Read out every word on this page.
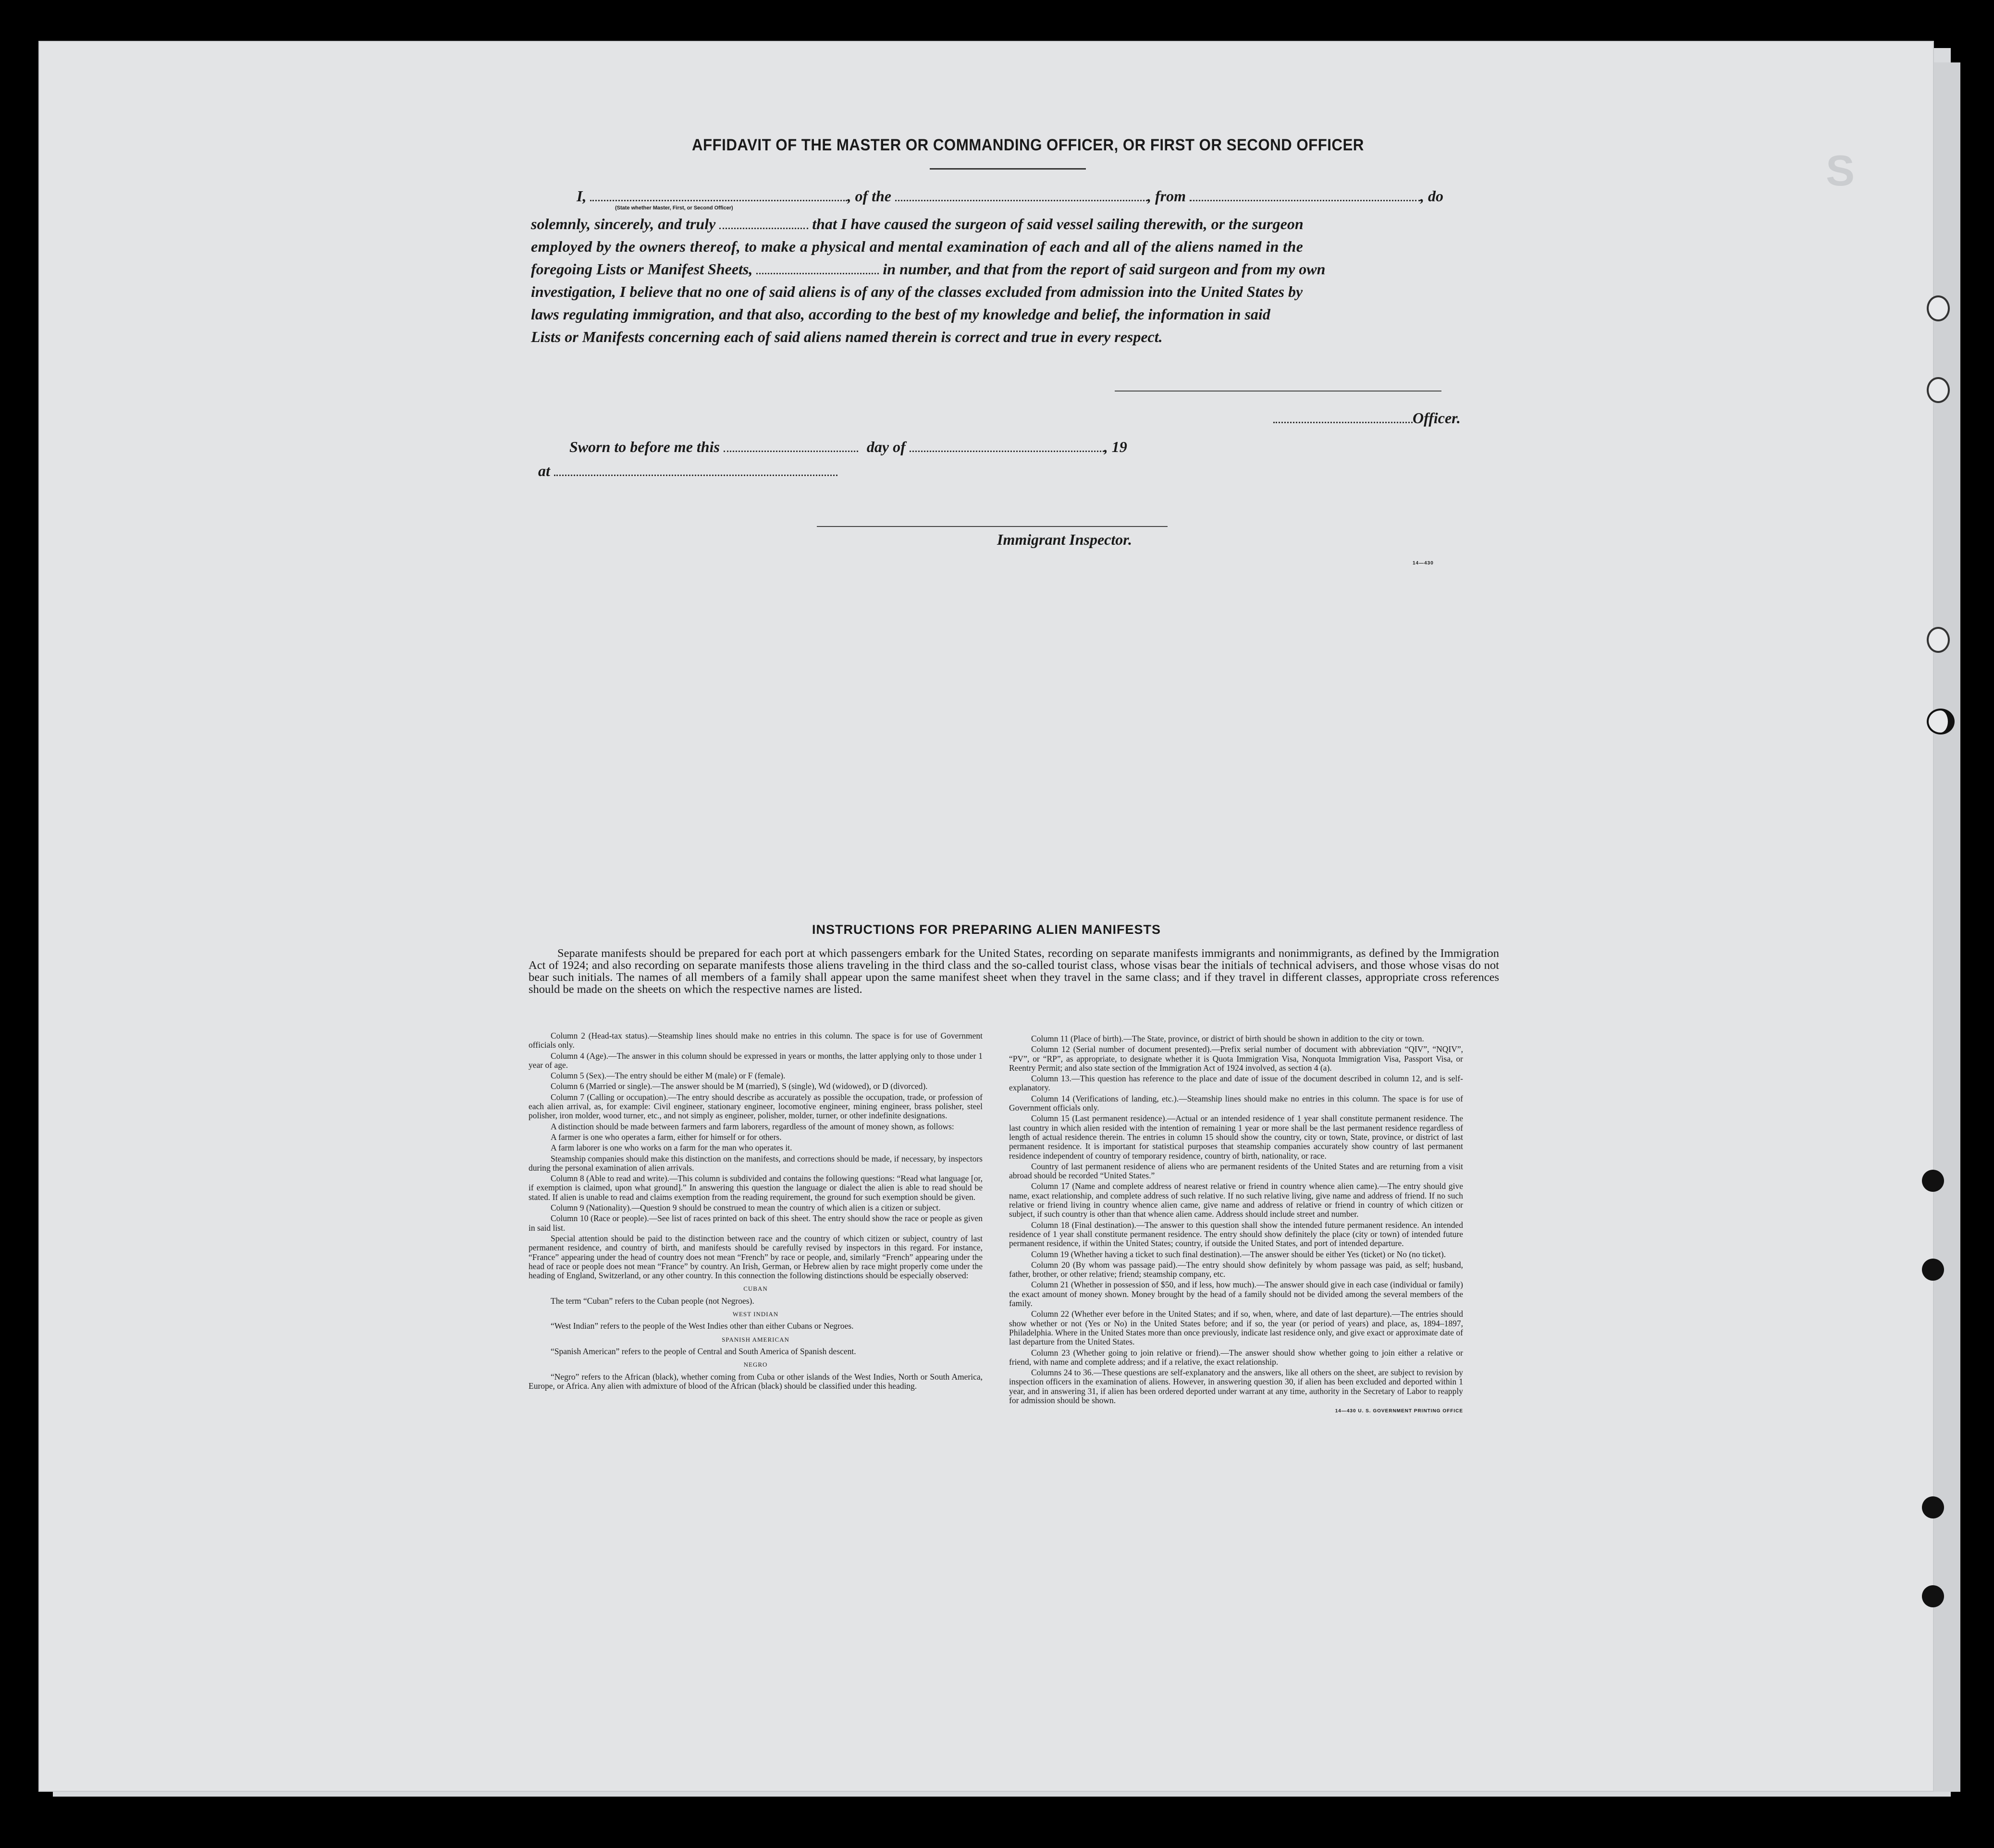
S
AFFIDAVIT OF THE MASTER OR COMMANDING OFFICER, OR FIRST OR SECOND OFFICER
I,	, of the	, from	, do
(State whether Master, First, or Second Officer)
solemnly, sincerely, and truly	that I have caused the surgeon of said vessel sailing therewith, or the surgeon
employed by the owners thereof, to make a physical and mental examination of each and all of the aliens named in the
foregoing Lists or Manifest Sheets,	in number, and that from the report of said surgeon and from my own
investigation, I believe that no one of said aliens is of any of the classes excluded from admission into the United States by
laws regulating immigration, and that also, according to the best of my knowledge and belief, the information in said
Lists or Manifests concerning each of said aliens named therein is correct and true in every respect.
Officer.
Sworn to before me this	day of	, 19
at
Immigrant Inspector.
14—430
INSTRUCTIONS FOR PREPARING ALIEN MANIFESTS
Separate manifests should be prepared for each port at which passengers embark for the United States, recording on separate manifests immigrants and nonimmigrants, as defined by the Immigration Act of 1924; and also recording on separate manifests those aliens traveling in the third class and the so-called tourist class, whose visas bear the initials of technical advisers, and those whose visas do not bear such initials. The names of all members of a family shall appear upon the same manifest sheet when they travel in the same class; and if they travel in different classes, appropriate cross references should be made on the sheets on which the respective names are listed.

Column 2 (Head-tax status).—Steamship lines should make no entries in this column. The space is for use of Government officials only.

Column 4 (Age).—The answer in this column should be expressed in years or months, the latter applying only to those under 1 year of age.

Column 5 (Sex).—The entry should be either M (male) or F (female).

Column 6 (Married or single).—The answer should be M (married), S (single), Wd (widowed), or D (divorced).

Column 7 (Calling or occupation).—The entry should describe as accurately as possible the occupation, trade, or profession of each alien arrival, as, for example: Civil engineer, stationary engineer, locomotive engineer, mining engineer, brass polisher, steel polisher, iron molder, wood turner, etc., and not simply as engineer, polisher, molder, turner, or other indefinite designations.

A distinction should be made between farmers and farm laborers, regardless of the amount of money shown, as follows:

A farmer is one who operates a farm, either for himself or for others.

A farm laborer is one who works on a farm for the man who operates it.

Steamship companies should make this distinction on the manifests, and corrections should be made, if necessary, by inspectors during the personal examination of alien arrivals.

Column 8 (Able to read and write).—This column is subdivided and contains the following questions: “Read what language [or, if exemption is claimed, upon what ground].” In answering this question the language or dialect the alien is able to read should be stated. If alien is unable to read and claims exemption from the reading requirement, the ground for such exemption should be given.

Column 9 (Nationality).—Question 9 should be construed to mean the country of which alien is a citizen or subject.

Column 10 (Race or people).—See list of races printed on back of this sheet. The entry should show the race or people as given in said list.

Special attention should be paid to the distinction between race and the country of which citizen or subject, country of last permanent residence, and country of birth, and manifests should be carefully revised by inspectors in this regard. For instance, “France” appearing under the head of country does not mean “French” by race or people, and, similarly “French” appearing under the head of race or people does not mean “France” by country. An Irish, German, or Hebrew alien by race might properly come under the heading of England, Switzerland, or any other country. In this connection the following distinctions should be especially observed:

CUBAN

The term “Cuban” refers to the Cuban people (not Negroes).

WEST INDIAN

“West Indian” refers to the people of the West Indies other than either Cubans or Negroes.

SPANISH AMERICAN

“Spanish American” refers to the people of Central and South America of Spanish descent.

NEGRO

“Negro” refers to the African (black), whether coming from Cuba or other islands of the West Indies, North or South America, Europe, or Africa. Any alien with admixture of blood of the African (black) should be classified under this heading.

Column 11 (Place of birth).—The State, province, or district of birth should be shown in addition to the city or town.

Column 12 (Serial number of document presented).—Prefix serial number of document with abbreviation “QIV”, “NQIV”, “PV”, or “RP”, as appropriate, to designate whether it is Quota Immigration Visa, Nonquota Immigration Visa, Passport Visa, or Reentry Permit; and also state section of the Immigration Act of 1924 involved, as section 4 (a).

Column 13.—This question has reference to the place and date of issue of the document described in column 12, and is self-explanatory.

Column 14 (Verifications of landing, etc.).—Steamship lines should make no entries in this column. The space is for use of Government officials only.

Column 15 (Last permanent residence).—Actual or an intended residence of 1 year shall constitute permanent residence. The last country in which alien resided with the intention of remaining 1 year or more shall be the last permanent residence regardless of length of actual residence therein. The entries in column 15 should show the country, city or town, State, province, or district of last permanent residence. It is important for statistical purposes that steamship companies accurately show country of last permanent residence independent of country of temporary residence, country of birth, nationality, or race.

Country of last permanent residence of aliens who are permanent residents of the United States and are returning from a visit abroad should be recorded “United States.”

Column 17 (Name and complete address of nearest relative or friend in country whence alien came).—The entry should give name, exact relationship, and complete address of such relative. If no such relative living, give name and address of friend. If no such relative or friend living in country whence alien came, give name and address of relative or friend in country of which citizen or subject, if such country is other than that whence alien came. Address should include street and number.

Column 18 (Final destination).—The answer to this question shall show the intended future permanent residence. An intended residence of 1 year shall constitute permanent residence. The entry should show definitely the place (city or town) of intended future permanent residence, if within the United States; country, if outside the United States, and port of intended departure.

Column 19 (Whether having a ticket to such final destination).—The answer should be either Yes (ticket) or No (no ticket).

Column 20 (By whom was passage paid).—The entry should show definitely by whom passage was paid, as self; husband, father, brother, or other relative; friend; steamship company, etc.

Column 21 (Whether in possession of $50, and if less, how much).—The answer should give in each case (individual or family) the exact amount of money shown. Money brought by the head of a family should not be divided among the several members of the family.

Column 22 (Whether ever before in the United States; and if so, when, where, and date of last departure).—The entries should show whether or not (Yes or No) in the United States before; and if so, the year (or period of years) and place, as, 1894–1897, Philadelphia. Where in the United States more than once previously, indicate last residence only, and give exact or approximate date of last departure from the United States.

Column 23 (Whether going to join relative or friend).—The answer should show whether going to join either a relative or friend, with name and complete address; and if a relative, the exact relationship.

Columns 24 to 36.—These questions are self-explanatory and the answers, like all others on the sheet, are subject to revision by inspection officers in the examination of aliens. However, in answering question 30, if alien has been excluded and deported within 1 year, and in answering 31, if alien has been ordered deported under warrant at any time, authority in the Secretary of Labor to reapply for admission should be shown.

14—430 U. S. GOVERNMENT PRINTING OFFICE
